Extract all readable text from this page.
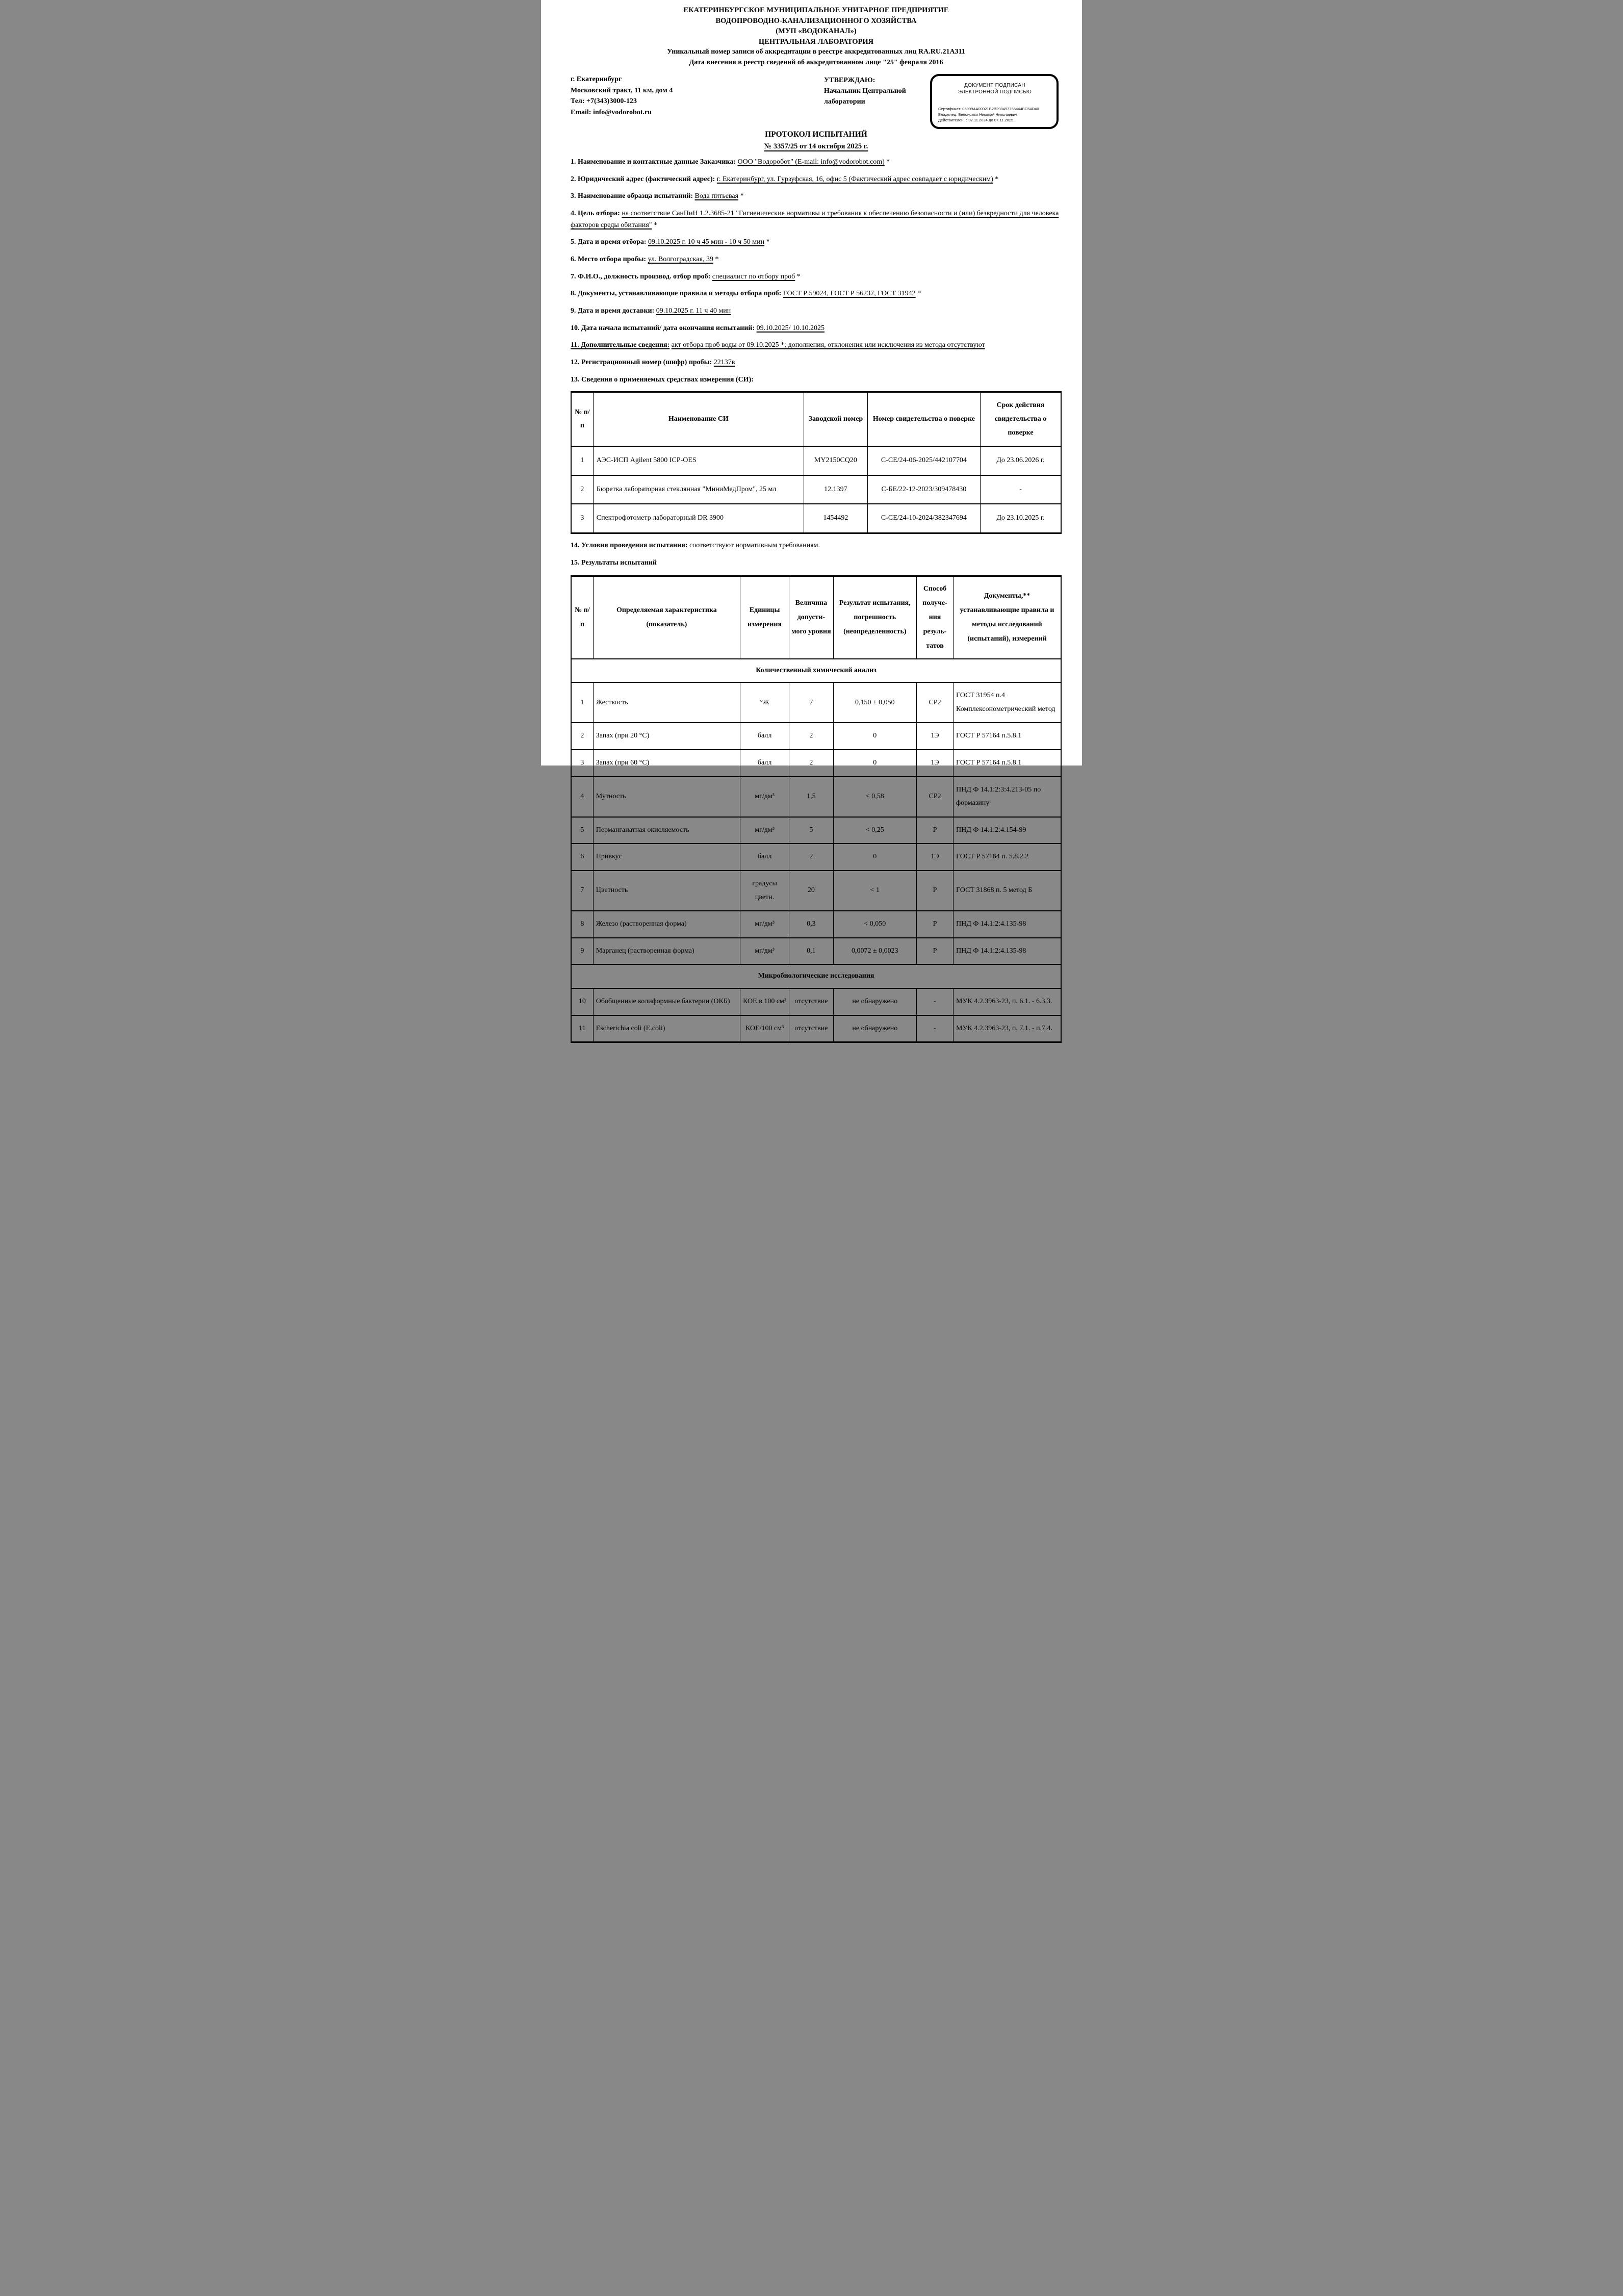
ЕКАТЕРИНБУРГСКОЕ МУНИЦИПАЛЬНОЕ УНИТАРНОЕ ПРЕДПРИЯТИЕ
ВОДОПРОВОДНО-КАНАЛИЗАЦИОННОГО ХОЗЯЙСТВА
(МУП «ВОДОКАНАЛ»)
ЦЕНТРАЛЬНАЯ ЛАБОРАТОРИЯ
Уникальный номер записи об аккредитации в реестре аккредитованных лиц RA.RU.21АЗ11
Дата внесения в реестр сведений об аккредитованном лице "25" февраля 2016
г. Екатеринбург
Московский тракт, 11 км, дом 4
Тел: +7(343)3000-123
Email: info@vodorobot.ru
УТВЕРЖДАЮ:
Начальник Центральной
лаборатории
ДОКУМЕНТ ПОДПИСАН
ЭЛЕКТРОННОЙ ПОДПИСЬЮ
Сертификат: 05999AA00021B2B298497755444BC54D40
Владелец: Белоножко Николай Николаевич
Действителен: с 07.11.2024 до 07.11.2025
ПРОТОКОЛ ИСПЫТАНИЙ
№ 3357/25 от 14 октября 2025 г.

1. Наименование и контактные данные Заказчика: ООО "Водоробот" (E-mail: info@vodorobot.com) *

2. Юридический адрес (фактический адрес): г. Екатеринбург, ул. Гурзуфская, 16, офис 5 (Фактический адрес совпадает с юридическим) *

3. Наименование образца испытаний: Вода питьевая *

4. Цель отбора: на соответствие СанПиН 1.2.3685-21 "Гигиенические нормативы и требования к обеспечению безопасности и (или) безвредности для человека факторов среды обитания" *

5. Дата и время отбора: 09.10.2025 г. 10 ч 45 мин - 10 ч 50 мин *

6. Место отбора пробы: ул. Волгоградская, 39 *

7. Ф.И.О., должность производ. отбор проб: специалист по отбору проб *

8. Документы, устанавливающие правила и методы отбора проб: ГОСТ Р 59024, ГОСТ Р 56237, ГОСТ 31942 *

9. Дата и время доставки: 09.10.2025 г. 11 ч 40 мин

10. Дата начала испытаний/ дата окончания испытаний: 09.10.2025/ 10.10.2025

11. Дополнительные сведения: акт отбора проб воды от 09.10.2025 *; дополнения, отклонения или исключения из метода отсутствуют

12. Регистрационный номер (шифр) пробы: 22137в

13. Сведения о применяемых средствах измерения (СИ):

№ п/п	Наименование СИ	Заводской номер	Номер свидетельства о поверке	Срок действия свидетельства о поверке
1	АЭС-ИСП Agilent 5800 ICP-OES	MY2150CQ20	С-СЕ/24-06-2025/442107704	До 23.06.2026 г.
2	Бюретка лабораторная стеклянная "МиниМедПром", 25 мл	12.1397	С-БЕ/22-12-2023/309478430	-
3	Спектрофотометр лабораторный DR 3900	1454492	С-СЕ/24-10-2024/382347694	До 23.10.2025 г.

14. Условия проведения испытания: соответствуют нормативным требованиям.

15. Результаты испытаний

№ п/п	Определяемая характеристика (показатель)	Единицы измерения	Величина допусти-мого уровня	Результат испытания, погрешность (неопределенность)	Способ получе-ния резуль-татов	Документы,** устанавливающие правила и методы исследований (испытаний), измерений
Количественный химический анализ						
1	Жесткость	°Ж	7	0,150 ± 0,050	СР2	ГОСТ 31954 п.4 Комплексонометрический метод
2	Запах (при 20 °С)	балл	2	0	1Э	ГОСТ Р 57164 п.5.8.1
3	Запах (при 60 °С)	балл	2	0	1Э	ГОСТ Р 57164 п.5.8.1
4	Мутность	мг/дм³	1,5	< 0,58	СР2	ПНД Ф 14.1:2:3:4.213-05 по формазину
5	Перманганатная окисляемость	мг/дм³	5	< 0,25	Р	ПНД Ф 14.1:2:4.154-99
6	Привкус	балл	2	0	1Э	ГОСТ Р 57164 п. 5.8.2.2
7	Цветность	градусы цветн.	20	< 1	Р	ГОСТ 31868 п. 5 метод Б
8	Железо (растворенная форма)	мг/дм³	0,3	< 0,050	Р	ПНД Ф 14.1:2:4.135-98
9	Марганец (растворенная форма)	мг/дм³	0,1	0,0072 ± 0,0023	Р	ПНД Ф 14.1:2:4.135-98
Микробиологические исследования						
10	Обобщенные колиформные бактерии (ОКБ)	КОЕ в 100 см³	отсутствие	не обнаружено	-	МУК 4.2.3963-23, п. 6.1. - 6.3.3.
11	Escherichia coli (E.coli)	КОЕ/100 см³	отсутствие	не обнаружено	-	МУК 4.2.3963-23, п. 7.1. - п.7.4.
